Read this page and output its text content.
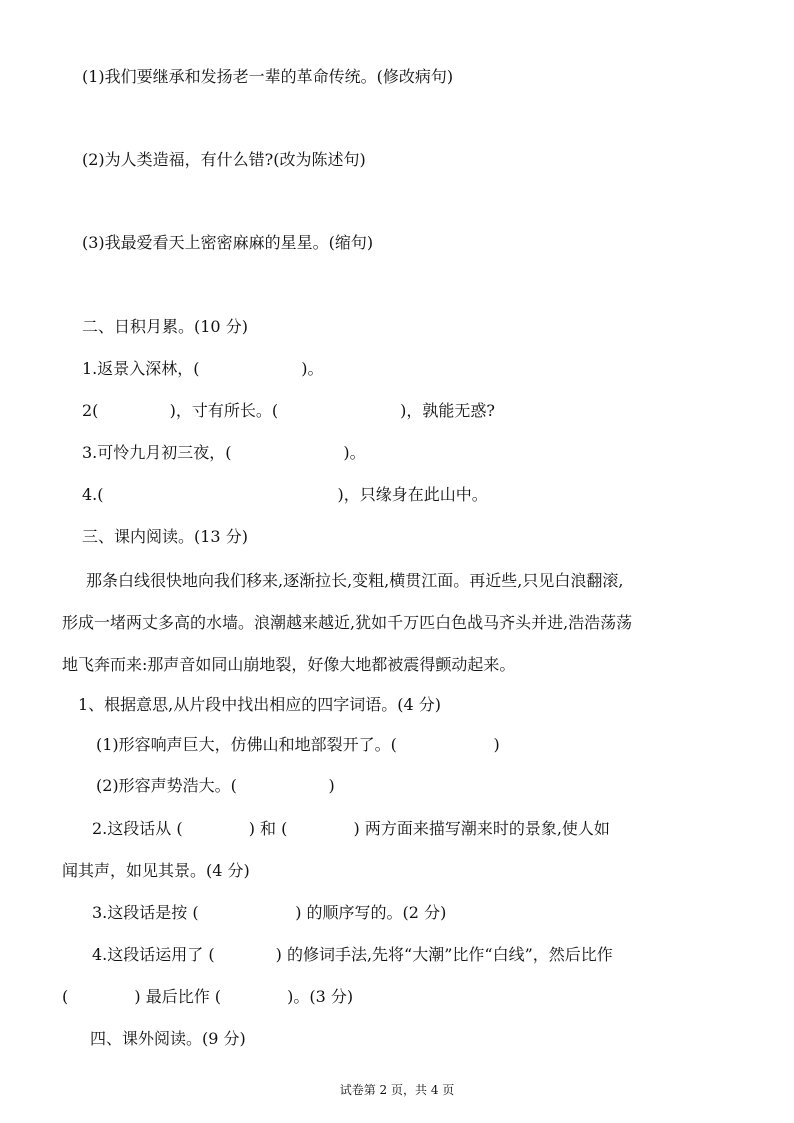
(1)我们要继承和发扬老一辈的革命传统。(修改病句)
(2)为人类造福，有什么错?(改为陈述句)
(3)我最爱看天上密密麻麻的星星。(缩句)
二、日积月累。(10 分)
1.返景入深林，(                    )。
2(              )，寸有所长。(                        )，孰能无惑?
3.可怜九月初三夜，(                      )。
4.(                                              )，只缘身在此山中。
三、课内阅读。(13 分)
那条白线很快地向我们移来,逐渐拉长,变粗,横贯江面。再近些,只见白浪翻滚,
形成一堵两丈多高的水墙。浪潮越来越近,犹如千万匹白色战马齐头并进,浩浩荡荡
地飞奔而来:那声音如同山崩地裂，好像大地都被震得颤动起来。
1、根据意思,从片段中找出相应的四字词语。(4 分)
(1)形容响声巨大，仿佛山和地部裂开了。(                   )
(2)形容声势浩大。(                  )
2.这段话从 (             ) 和 (             ) 两方面来描写潮来时的景象,使人如
闻其声，如见其景。(4 分)
3.这段话是按 (                   ) 的顺序写的。(2 分)
4.这段话运用了 (            ) 的修词手法,先将“大潮”比作“白线”，然后比作
(             ) 最后比作 (             )。(3 分)
四、课外阅读。(9 分)
试卷第 2 页，共 4 页
